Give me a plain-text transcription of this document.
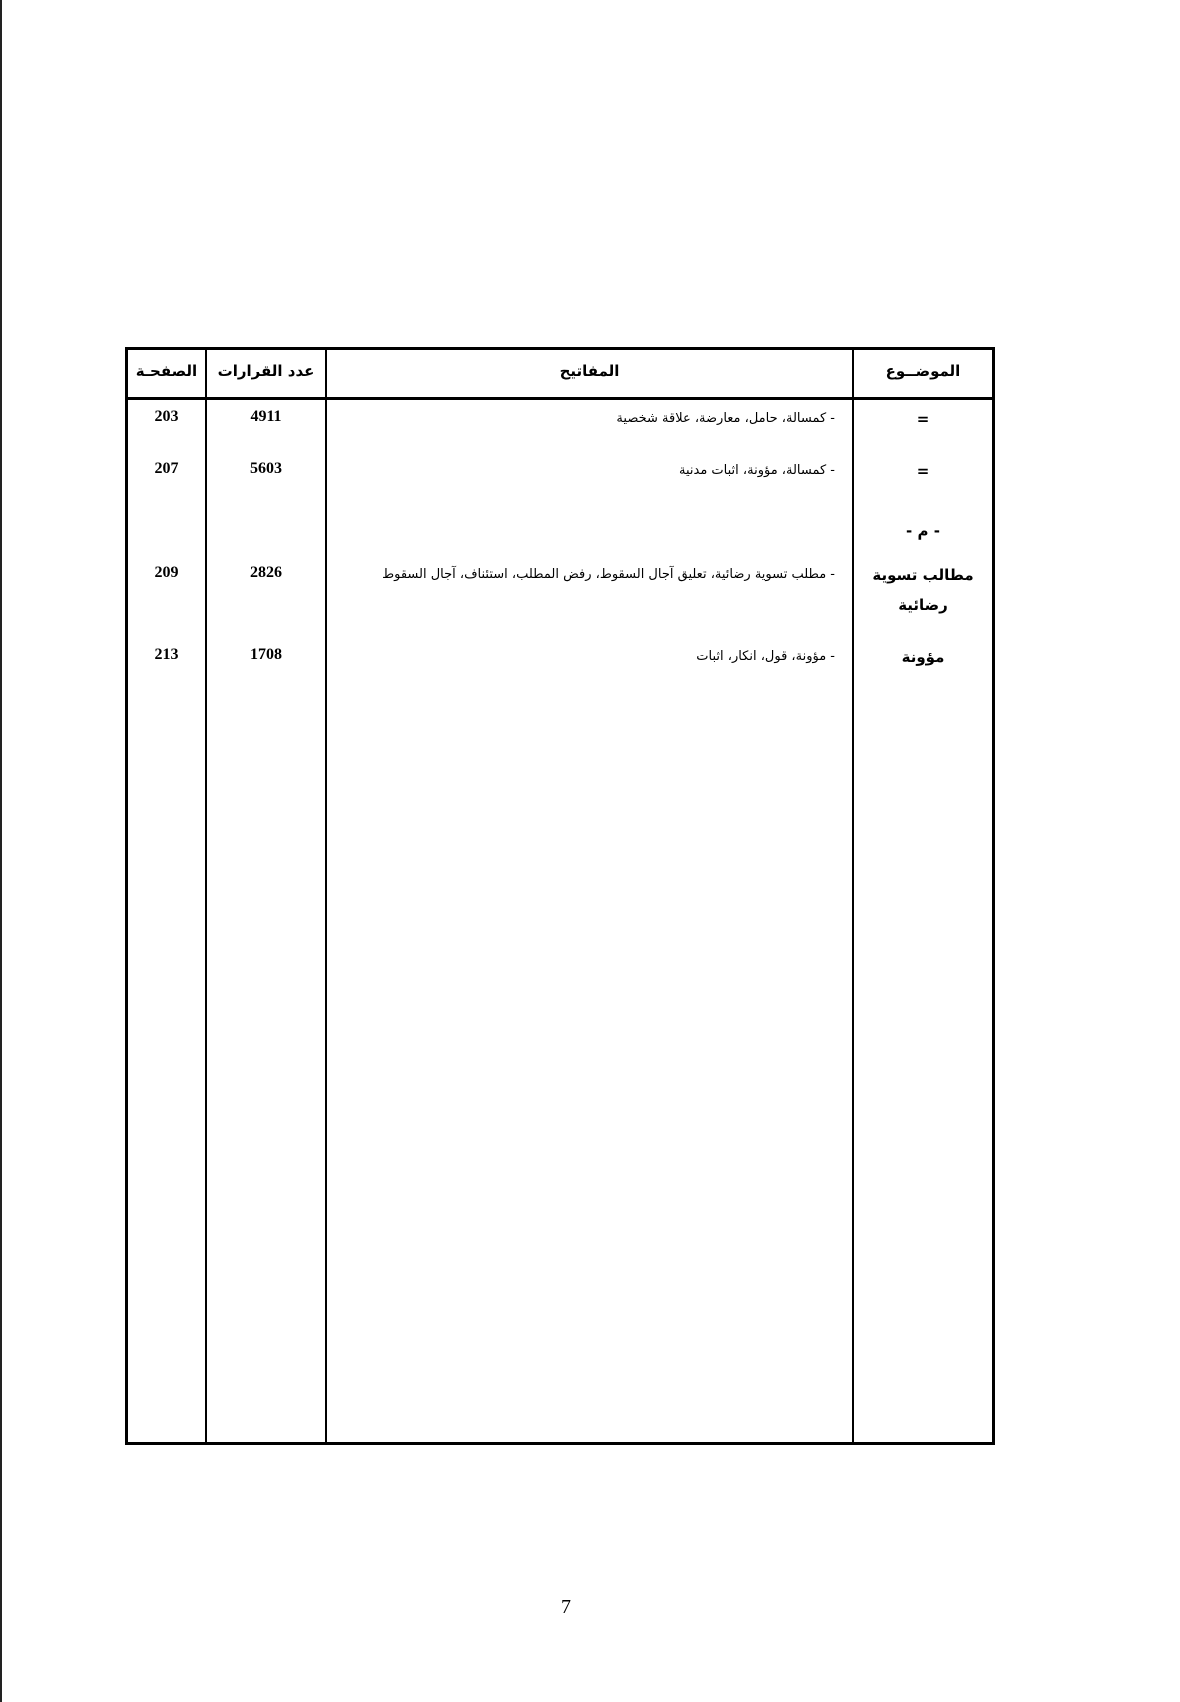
الصفحـة	عدد القرارات	المفاتيح	الموضــوع
203	4911	- كمسالة، حامل، معارضة، علاقة شخصية	=
207	5603	- كمسالة، مؤونة، اثبات مدنية	=
- م -
209	2826	- مطلب تسوية رضائية، تعليق آجال السقوط، رفض المطلب، استئناف، آجال السقوط	مطالب تسوية رضائية
213	1708	- مؤونة، قول، انكار، اثبات	مؤونة
7
